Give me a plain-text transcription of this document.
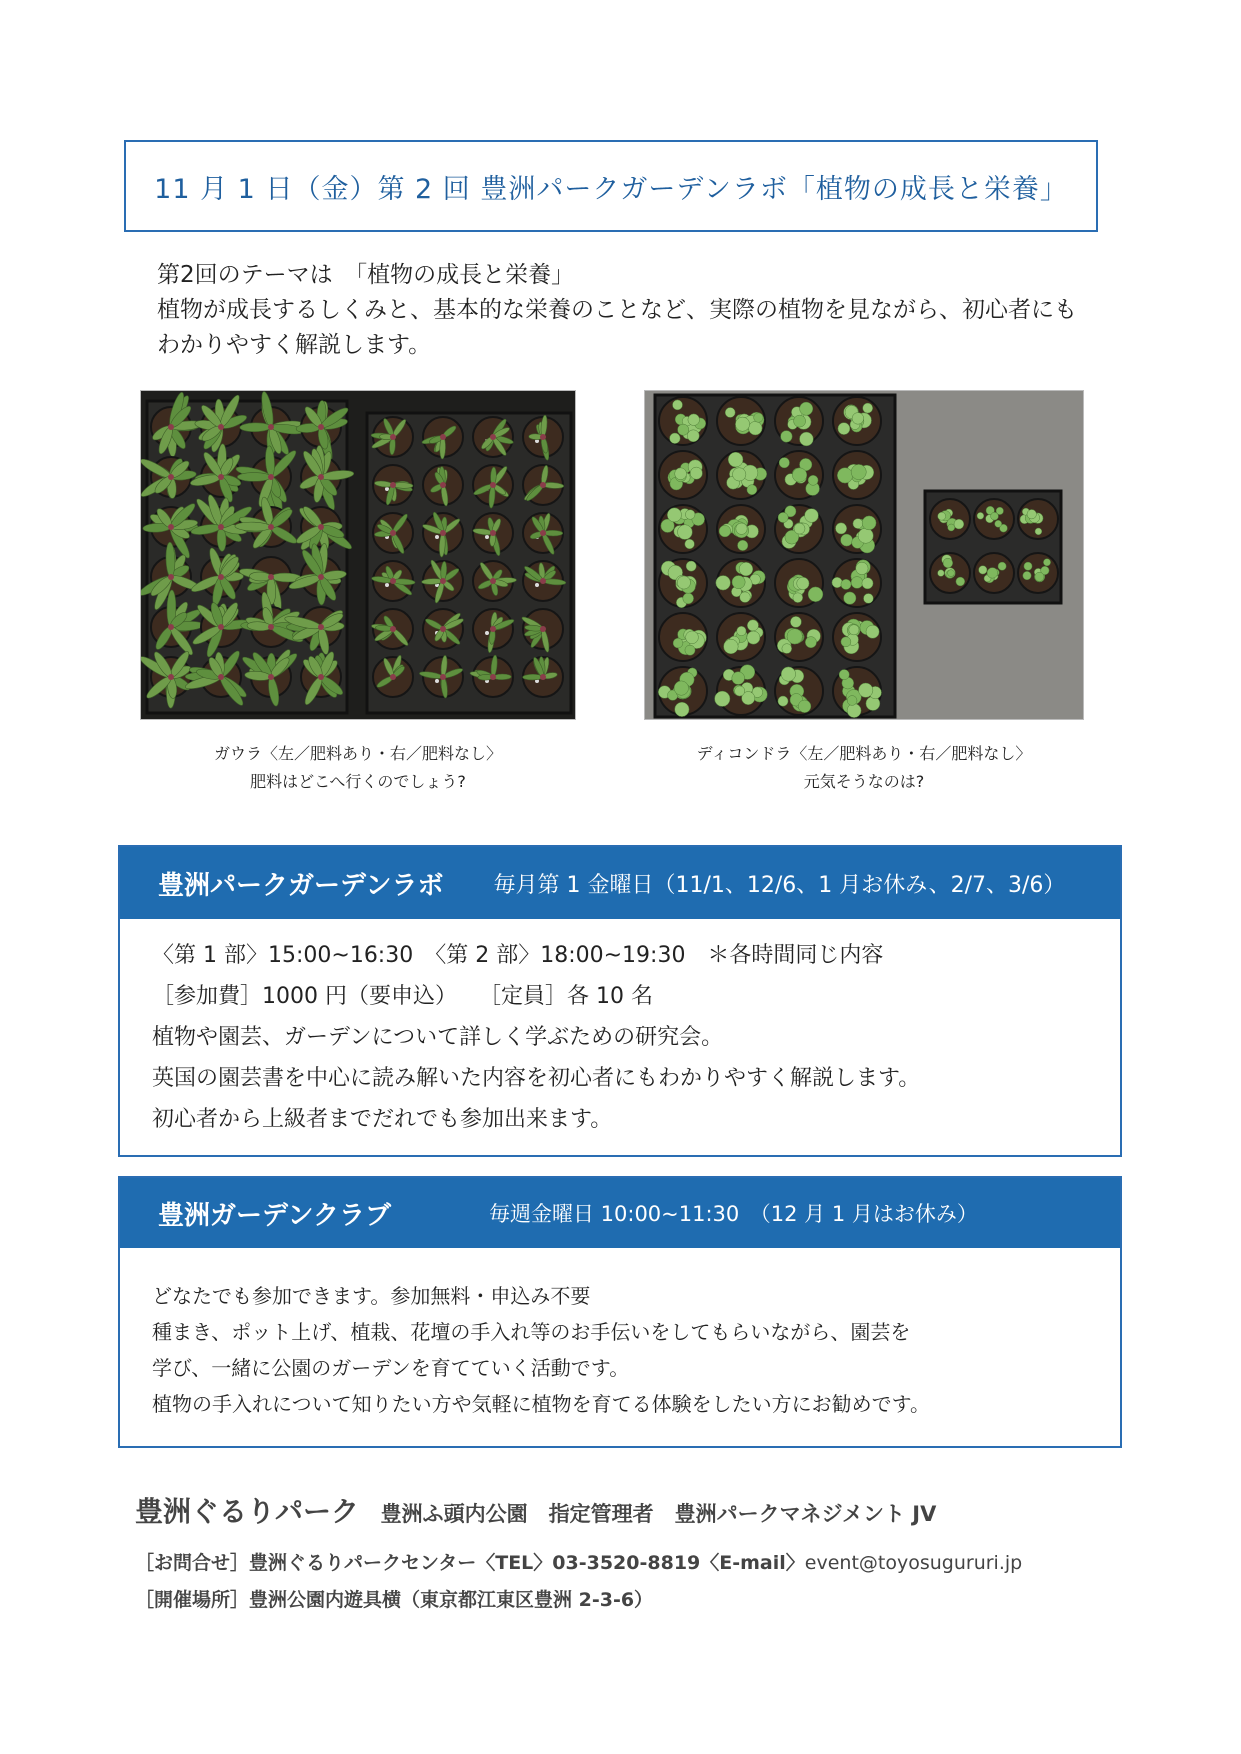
11 月 1 日（金）第 2 回 豊洲パークガーデンラボ「植物の成長と栄養」
第2回のテーマは　「植物の成長と栄養」
植物が成長するしくみと、基本的な栄養のことなど、実際の植物を見ながら、初心者にも
わかりやすく解説します。
ガウラ〈左／肥料あり・右／肥料なし〉
肥料はどこへ行くのでしょう?
ディコンドラ〈左／肥料あり・右／肥料なし〉
元気そうなのは?
豊洲パークガーデンラボ 毎月第 1 金曜日（11/1、12/6、1 月お休み、2/7、3/6）
〈第 1 部〉15:00~16:30　〈第 2 部〉18:00~19:30　＊各時間同じ内容
［参加費］1000 円（要申込）　　［定員］各 10 名
植物や園芸、ガーデンについて詳しく学ぶための研究会。
英国の園芸書を中心に読み解いた内容を初心者にもわかりやすく解説します。
初心者から上級者までだれでも参加出来ます。
豊洲ガーデンクラブ	毎週金曜日 10:00~11:30　（12 月 1 月はお休み）
どなたでも参加できます。参加無料・申込み不要
種まき、ポット上げ、植栽、花壇の手入れ等のお手伝いをしてもらいながら、園芸を
学び、一緒に公園のガーデンを育てていく活動です。
植物の手入れについて知りたい方や気軽に植物を育てる体験をしたい方にお勧めです。
豊洲ぐるりパーク 豊洲ふ頭内公園　指定管理者　豊洲パークマネジメント JV
［お問合せ］豊洲ぐるりパークセンター〈TEL〉03-3520-8819〈E-mail〉event@toyosugururi.jp
［開催場所］豊洲公園内遊具横（東京都江東区豊洲 2-3-6）
